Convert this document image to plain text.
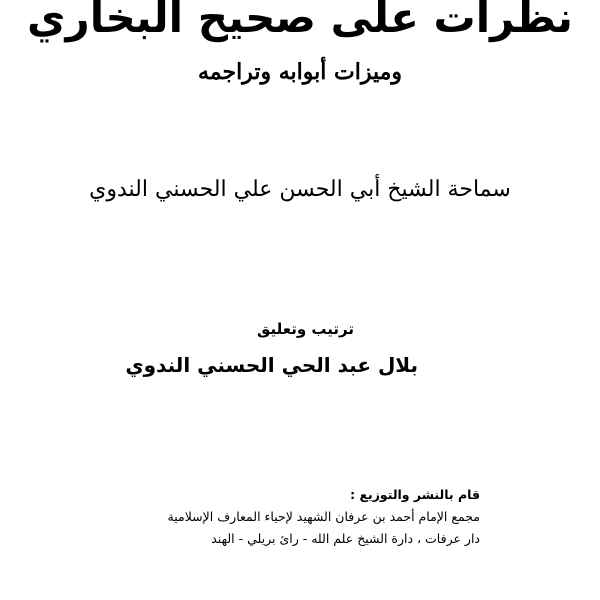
نظرات على صحيح البخاري
وميزات أبوابه وتراجمه
سماحة الشيخ أبي الحسن علي الحسني الندوي
ترتيب وتعليق
بلال عبد الحي الحسني الندوي
قام بالنشر والتوزيع :
مجمع الإمام أحمد بن عرفان الشهيد لإحياء المعارف الإسلامية
دار عرفات ، دارة الشيخ علم الله - رائ بريلي - الهند
